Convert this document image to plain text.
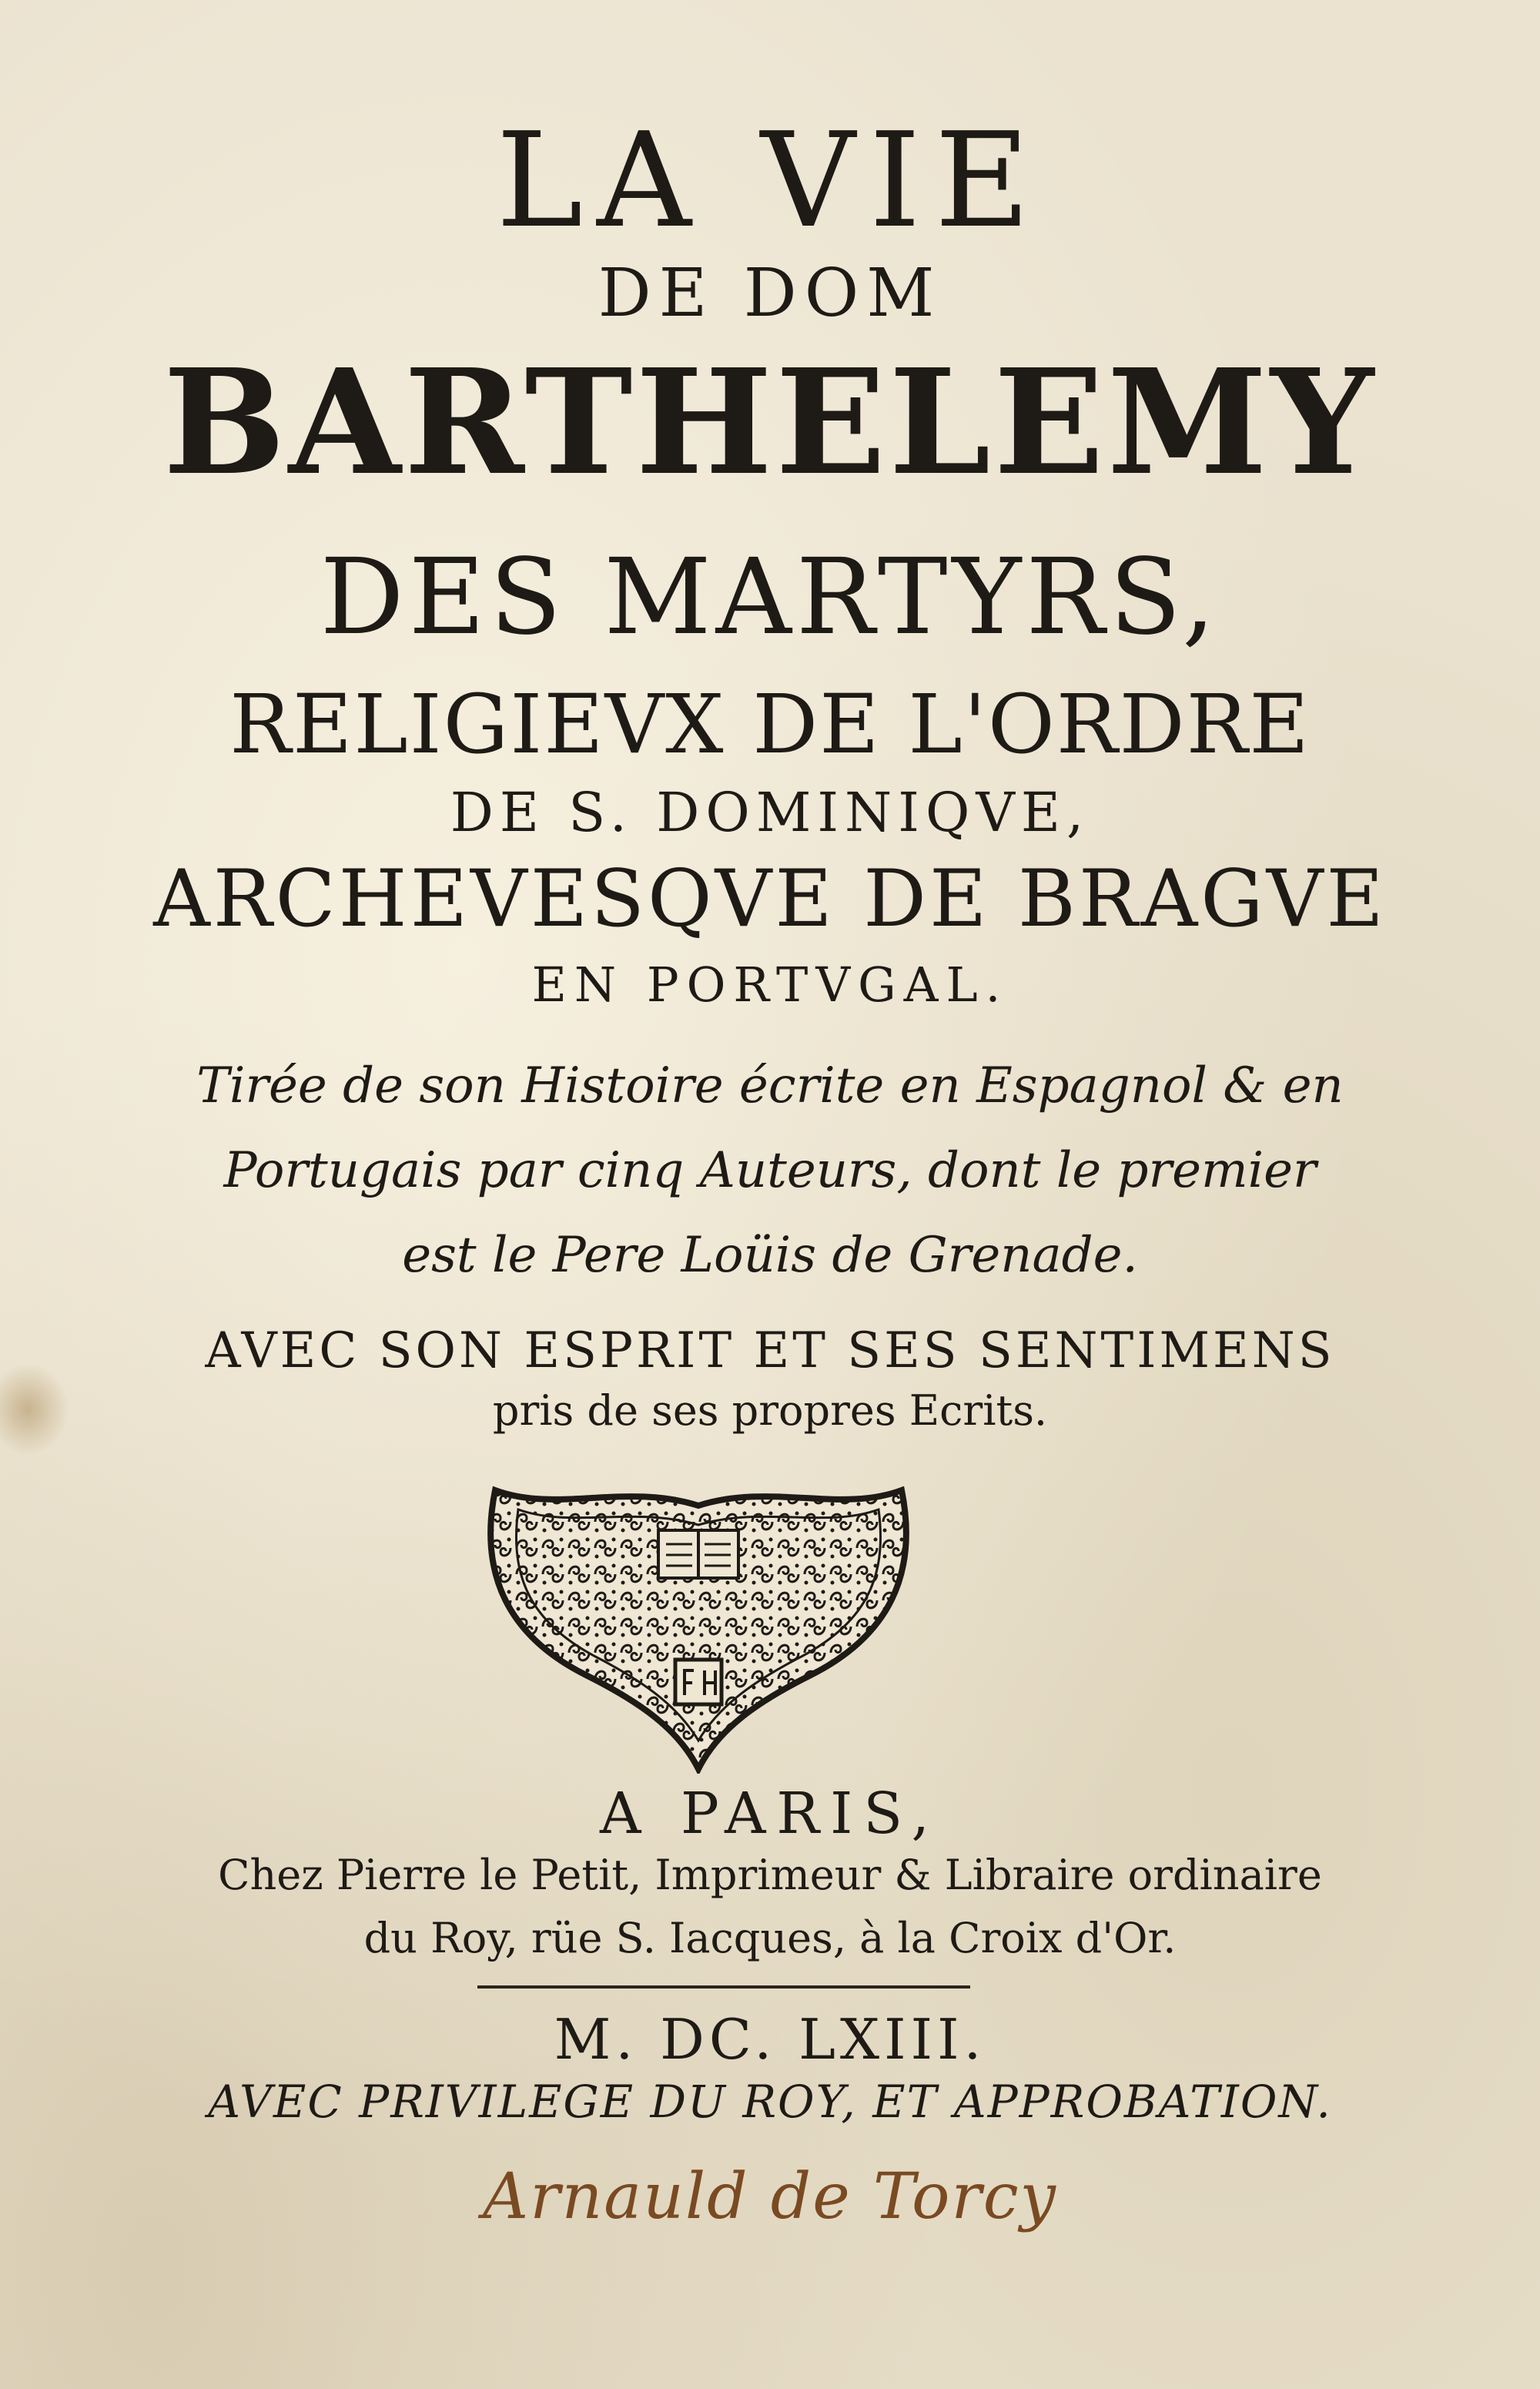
LA VIE
DE DOM
BARTHELEMY
DES MARTYRS,
RELIGIEVX DE L'ORDRE
DE S. DOMINIQVE,
ARCHEVESQVE DE BRAGVE
EN PORTVGAL.
Tirée de son Histoire écrite en Espagnol & en
Portugais par cinq Auteurs, dont le premier
est le Pere Loüis de Grenade.
AVEC SON ESPRIT ET SES SENTIMENS
pris de ses propres Ecrits.
A PARIS,
Chez Pierre le Petit, Imprimeur & Libraire ordinaire
du Roy, rüe S. Iacques, à la Croix d'Or.
M. DC. LXIII.
AVEC PRIVILEGE DU ROY, ET APPROBATION.
Arnauld de Torcy
